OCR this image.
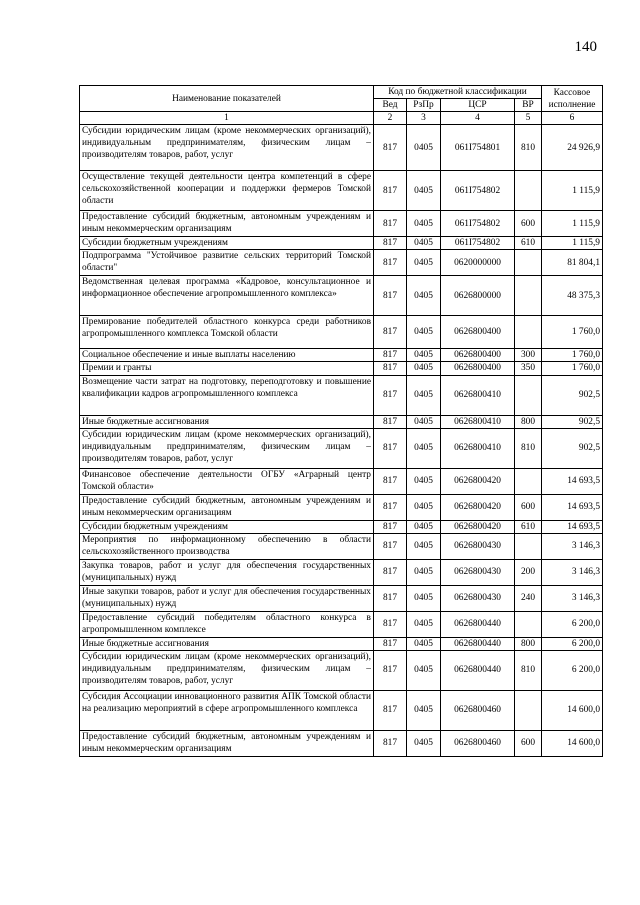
140
Наименование показателей	Код по бюджетной классификации				Кассовое исполнение
	Вед	РзПр	ЦСР	ВР	
1	2	3	4	5	6
Субсидии юридическим лицам (кроме некоммерческих организаций), индивидуальным предпринимателям, физическим лицам – производителям товаров, работ, услуг	817	0405	061I754801	810	24 926,9
Осуществление текущей деятельности центра компетенций в сфере сельскохозяйственной кооперации и поддержки фермеров Томской области	817	0405	061I754802		1 115,9
Предоставление субсидий бюджетным, автономным учреждениям и иным некоммерческим организациям	817	0405	061I754802	600	1 115,9
Субсидии бюджетным учреждениям	817	0405	061I754802	610	1 115,9
Подпрограмма "Устойчивое развитие сельских территорий Томской области"	817	0405	0620000000		81 804,1
Ведомственная целевая программа «Кадровое, консультационное и информационное обеспечение агропромышленного комплекса»	817	0405	0626800000		48 375,3
Премирование победителей областного конкурса среди работников агропромышленного комплекса Томской области	817	0405	0626800400		1 760,0
Социальное обеспечение и иные выплаты населению	817	0405	0626800400	300	1 760,0
Премии и гранты	817	0405	0626800400	350	1 760,0
Возмещение части затрат на подготовку, переподготовку и повышение квалификации кадров агропромышленного комплекса	817	0405	0626800410		902,5
Иные бюджетные ассигнования	817	0405	0626800410	800	902,5
Субсидии юридическим лицам (кроме некоммерческих организаций), индивидуальным предпринимателям, физическим лицам – производителям товаров, работ, услуг	817	0405	0626800410	810	902,5
Финансовое обеспечение деятельности ОГБУ «Аграрный центр Томской области»	817	0405	0626800420		14 693,5
Предоставление субсидий бюджетным, автономным учреждениям и иным некоммерческим организациям	817	0405	0626800420	600	14 693,5
Субсидии бюджетным учреждениям	817	0405	0626800420	610	14 693,5
Мероприятия по информационному обеспечению в области сельскохозяйственного производства	817	0405	0626800430		3 146,3
Закупка товаров, работ и услуг для обеспечения государственных (муниципальных) нужд	817	0405	0626800430	200	3 146,3
Иные закупки товаров, работ и услуг для обеспечения государственных (муниципальных) нужд	817	0405	0626800430	240	3 146,3
Предоставление субсидий победителям областного конкурса в агропромышленном комплексе	817	0405	0626800440		6 200,0
Иные бюджетные ассигнования	817	0405	0626800440	800	6 200,0
Субсидии юридическим лицам (кроме некоммерческих организаций), индивидуальным предпринимателям, физическим лицам – производителям товаров, работ, услуг	817	0405	0626800440	810	6 200,0
Субсидия Ассоциации инновационного развития АПК Томской области на реализацию мероприятий в сфере агропромышленного комплекса	817	0405	0626800460		14 600,0
Предоставление субсидий бюджетным, автономным учреждениям и иным некоммерческим организациям	817	0405	0626800460	600	14 600,0
